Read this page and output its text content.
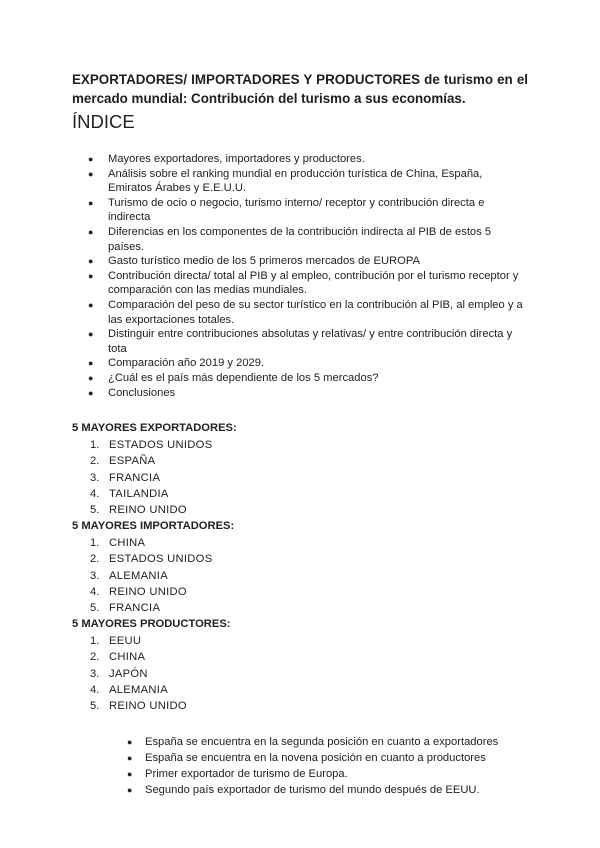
EXPORTADORES/ IMPORTADORES Y PRODUCTORES de turismo en el mercado mundial: Contribución del turismo a sus economías.

ÍNDICE
● Mayores exportadores, importadores y productores.
● Análisis sobre el ranking mundial en producción turística de China, España, Emiratos Árabes y E.E.U.U.
● Turismo de ocio o negocio, turismo interno/ receptor y contribución directa e indirecta
● Diferencias en los componentes de la contribución indirecta al PIB de estos 5 países.
● Gasto turístico medio de los 5 primeros mercados de EUROPA
● Contribución directa/ total al PIB y al empleo, contribución por el turismo receptor y comparación con las medias mundiales.
● Comparación del peso de su sector turístico en la contribución al PIB, al empleo y a las exportaciones totales.
● Distinguir entre contribuciones absolutas y relativas/ y entre contribución directa y tota
● Comparación año 2019 y 2029.
● ¿Cuál es el país más dependiente de los 5 mercados?
● Conclusiones

5 MAYORES EXPORTADORES:

1. ESTADOS UNIDOS
2. ESPAÑA
3. FRANCIA
4. TAILANDIA
5. REINO UNIDO

5 MAYORES IMPORTADORES:

1. CHINA
2. ESTADOS UNIDOS
3. ALEMANIA
4. REINO UNIDO
5. FRANCIA

5 MAYORES PRODUCTORES:

1. EEUU
2. CHINA
3. JAPÓN
4. ALEMANIA
5. REINO UNIDO
● España se encuentra en la segunda posición en cuanto a exportadores
● España se encuentra en la novena posición en cuanto a productores
● Primer exportador de turismo de Europa.
● Segundo país exportador de turismo del mundo después de EEUU.
